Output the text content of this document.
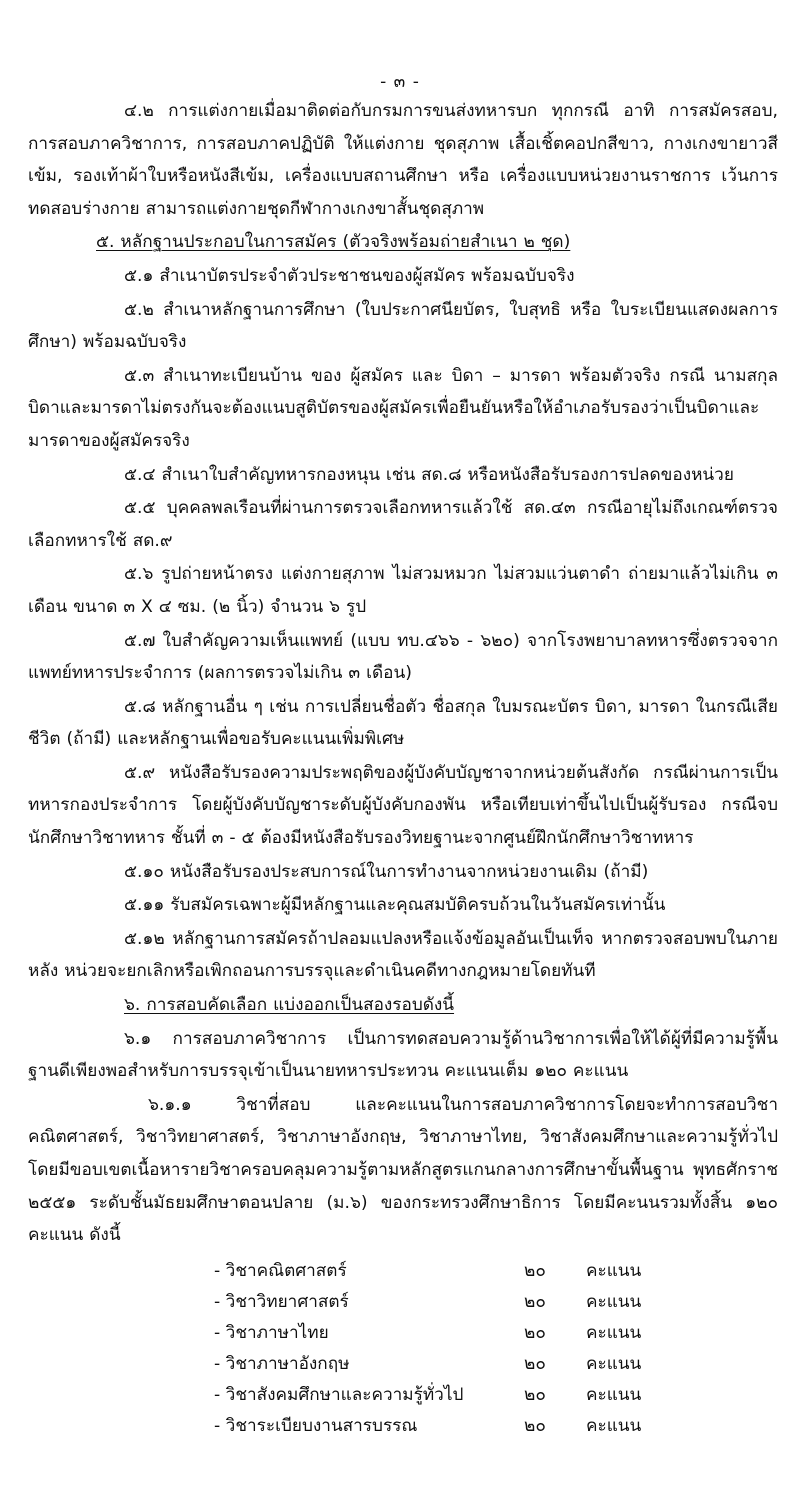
- ๓ -

๔.๒ การแต่งกายเมื่อมาติดต่อกับกรมการขนส่งทหารบก ทุกกรณี อาทิ การสมัครสอบ, การสอบภาควิชาการ, การสอบภาคปฏิบัติ ให้แต่งกาย ชุดสุภาพ เสื้อเชิ้ตคอปกสีขาว, กางเกงขายาวสีเข้ม, รองเท้าผ้าใบหรือหนังสีเข้ม, เครื่องแบบสถานศึกษา หรือ เครื่องแบบหน่วยงานราชการ เว้นการทดสอบร่างกาย สามารถแต่งกายชุดกีฬากางเกงขาสั้นชุดสุภาพ

๕. หลักฐานประกอบในการสมัคร (ตัวจริงพร้อมถ่ายสำเนา ๒ ชุด)

๕.๑ สำเนาบัตรประจำตัวประชาชนของผู้สมัคร พร้อมฉบับจริง

๕.๒ สำเนาหลักฐานการศึกษา (ใบประกาศนียบัตร, ใบสุทธิ หรือ ใบระเบียนแสดงผลการศึกษา) พร้อมฉบับจริง

๕.๓ สำเนาทะเบียนบ้าน ของ ผู้สมัคร และ บิดา – มารดา พร้อมตัวจริง กรณี นามสกุลบิดาและมารดาไม่ตรงกันจะต้องแนบสูติบัตรของผู้สมัครเพื่อยืนยันหรือให้อำเภอรับรองว่าเป็นบิดาและมารดาของผู้สมัครจริง

๕.๔ สำเนาใบสำคัญทหารกองหนุน เช่น สด.๘ หรือหนังสือรับรองการปลดของหน่วย

๕.๕ บุคคลพลเรือนที่ผ่านการตรวจเลือกทหารแล้วใช้ สด.๔๓ กรณีอายุไม่ถึงเกณฑ์ตรวจเลือกทหารใช้ สด.๙

๕.๖ รูปถ่ายหน้าตรง แต่งกายสุภาพ ไม่สวมหมวก ไม่สวมแว่นตาดำ ถ่ายมาแล้วไม่เกิน ๓ เดือน ขนาด ๓ X ๔ ซม. (๒ นิ้ว) จำนวน ๖ รูป

๕.๗ ใบสำคัญความเห็นแพทย์ (แบบ ทบ.๔๖๖ - ๖๒๐) จากโรงพยาบาลทหารซึ่งตรวจจากแพทย์ทหารประจำการ (ผลการตรวจไม่เกิน ๓ เดือน)

๕.๘ หลักฐานอื่น ๆ เช่น การเปลี่ยนชื่อตัว ชื่อสกุล ใบมรณะบัตร บิดา, มารดา ในกรณีเสียชีวิต (ถ้ามี) และหลักฐานเพื่อขอรับคะแนนเพิ่มพิเศษ

๕.๙ หนังสือรับรองความประพฤติของผู้บังคับบัญชาจากหน่วยต้นสังกัด กรณีผ่านการเป็นทหารกองประจำการ โดยผู้บังคับบัญชาระดับผู้บังคับกองพัน หรือเทียบเท่าขึ้นไปเป็นผู้รับรอง กรณีจบนักศึกษาวิชาทหาร ชั้นที่ ๓ - ๕ ต้องมีหนังสือรับรองวิทยฐานะจากศูนย์ฝึกนักศึกษาวิชาทหาร

๕.๑๐ หนังสือรับรองประสบการณ์ในการทำงานจากหน่วยงานเดิม (ถ้ามี)

๕.๑๑ รับสมัครเฉพาะผู้มีหลักฐานและคุณสมบัติครบถ้วนในวันสมัครเท่านั้น

๕.๑๒ หลักฐานการสมัครถ้าปลอมแปลงหรือแจ้งข้อมูลอันเป็นเท็จ หากตรวจสอบพบในภายหลัง หน่วยจะยกเลิกหรือเพิกถอนการบรรจุและดำเนินคดีทางกฎหมายโดยทันที

๖. การสอบคัดเลือก แบ่งออกเป็นสองรอบดังนี้

๖.๑ การสอบภาควิชาการ เป็นการทดสอบความรู้ด้านวิชาการเพื่อให้ได้ผู้ที่มีความรู้พื้นฐานดีเพียงพอสำหรับการบรรจุเข้าเป็นนายทหารประทวน คะแนนเต็ม ๑๒๐ คะแนน

๖.๑.๑ วิชาที่สอบ และคะแนนในการสอบภาควิชาการโดยจะทำการสอบวิชาคณิตศาสตร์, วิชาวิทยาศาสตร์, วิชาภาษาอังกฤษ, วิชาภาษาไทย, วิชาสังคมศึกษาและความรู้ทั่วไป โดยมีขอบเขตเนื้อหารายวิชาครอบคลุมความรู้ตามหลักสูตรแกนกลางการศึกษาขั้นพื้นฐาน พุทธศักราช ๒๕๕๑ ระดับชั้นมัธยมศึกษาตอนปลาย (ม.๖) ของกระทรวงศึกษาธิการ โดยมีคะนนรวมทั้งสิ้น ๑๒๐ คะแนน ดังนี้

- วิชาคณิตศาสตร์	๒๐	คะแนน
- วิชาวิทยาศาสตร์	๒๐	คะแนน
- วิชาภาษาไทย	๒๐	คะแนน
- วิชาภาษาอังกฤษ	๒๐	คะแนน
- วิชาสังคมศึกษาและความรู้ทั่วไป	๒๐	คะแนน
- วิชาระเบียบงานสารบรรณ	๒๐	คะแนน
